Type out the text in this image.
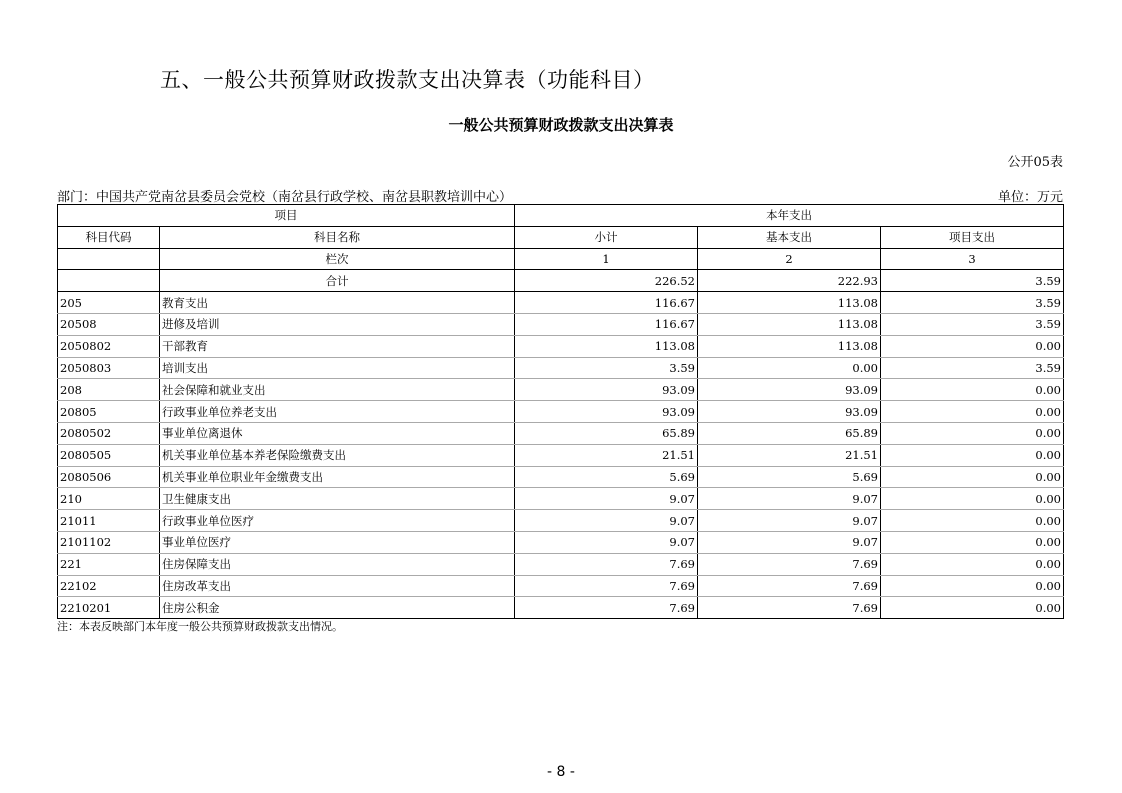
五、一般公共预算财政拨款支出决算表（功能科目）
一般公共预算财政拨款支出决算表
公开05表
部门：中国共产党南岔县委员会党校（南岔县行政学校、南岔县职教培训中心）	单位：万元
项目		本年支出		
科目代码	科目名称	小计	基本支出	项目支出
	栏次	1	2	3
	合计	226.52	222.93	3.59
205	教育支出	116.67	113.08	3.59
20508	进修及培训	116.67	113.08	3.59
2050802	干部教育	113.08	113.08	0.00
2050803	培训支出	3.59	0.00	3.59
208	社会保障和就业支出	93.09	93.09	0.00
20805	行政事业单位养老支出	93.09	93.09	0.00
2080502	事业单位离退休	65.89	65.89	0.00
2080505	机关事业单位基本养老保险缴费支出	21.51	21.51	0.00
2080506	机关事业单位职业年金缴费支出	5.69	5.69	0.00
210	卫生健康支出	9.07	9.07	0.00
21011	行政事业单位医疗	9.07	9.07	0.00
2101102	事业单位医疗	9.07	9.07	0.00
221	住房保障支出	7.69	7.69	0.00
22102	住房改革支出	7.69	7.69	0.00
2210201	住房公积金	7.69	7.69	0.00
注：本表反映部门本年度一般公共预算财政拨款支出情况。
- 8 -
